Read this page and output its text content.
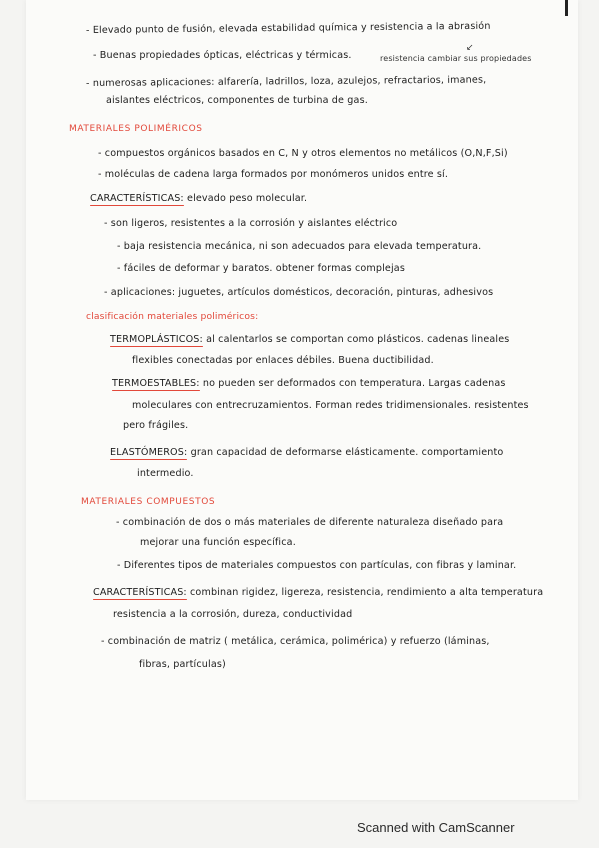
- Elevado punto de fusión, elevada estabilidad química y resistencia a la abrasión
- Buenas propiedades ópticas, eléctricas y térmicas.
↙
resistencia cambiar sus propiedades
- numerosas aplicaciones: alfarería, ladrillos, loza, azulejos, refractarios, imanes,
aislantes eléctricos, componentes de turbina de gas.
MATERIALES POLIMÉRICOS
- compuestos orgánicos basados en C, N y otros elementos no metálicos (O,N,F,Si)
- moléculas de cadena larga formados por monómeros unidos entre sí.
CARACTERÍSTICAS: elevado peso molecular.
- son ligeros, resistentes a la corrosión y aislantes eléctrico
- baja resistencia mecánica, ni son adecuados para elevada temperatura.
- fáciles de deformar y baratos. obtener formas complejas
- aplicaciones: juguetes, artículos domésticos, decoración, pinturas, adhesivos
clasificación materiales poliméricos:
TERMOPLÁSTICOS: al calentarlos se comportan como plásticos. cadenas lineales
flexibles conectadas por enlaces débiles. Buena ductibilidad.
TERMOESTABLES: no pueden ser deformados con temperatura. Largas cadenas
moleculares con entrecruzamientos. Forman redes tridimensionales. resistentes
pero frágiles.
ELASTÓMEROS: gran capacidad de deformarse elásticamente. comportamiento
intermedio.
MATERIALES COMPUESTOS
- combinación de dos o más materiales de diferente naturaleza diseñado para
mejorar una función específica.
- Diferentes tipos de materiales compuestos con partículas, con fibras y laminar.
CARACTERÍSTICAS: combinan rigidez, ligereza, resistencia, rendimiento a alta temperatura
resistencia a la corrosión, dureza, conductividad
- combinación de matriz ( metálica, cerámica, polimérica) y refuerzo (láminas,
fibras, partículas)
Scanned with CamScanner
